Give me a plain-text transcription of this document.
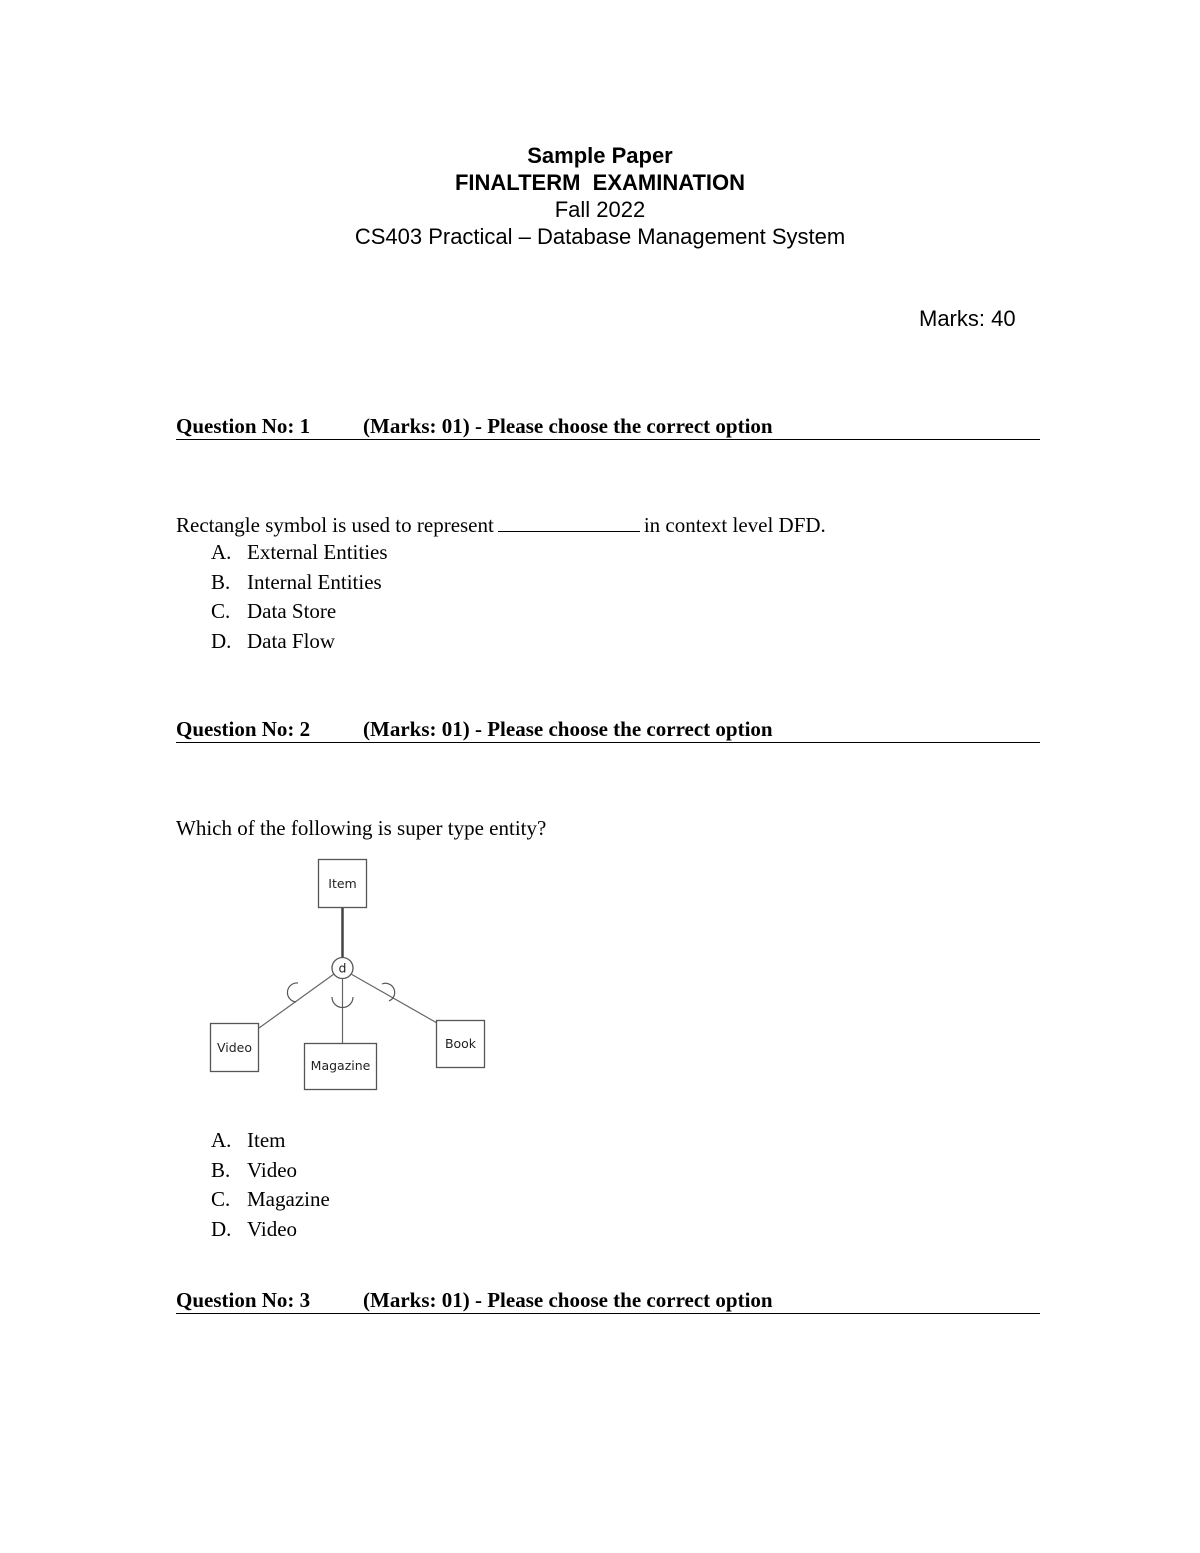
Sample Paper
FINALTERM  EXAMINATION
Fall 2022
CS403 Practical – Database Management System
Marks: 40
Question No: 1	(Marks: 01) - Please choose the correct option
Rectangle symbol is used to represent	in context level DFD.
A. External Entities
B. Internal Entities
C. Data Store
D. Data Flow
Question No: 2	(Marks: 01) - Please choose the correct option
Which of the following is super type entity?
Item
d
Video
Magazine
Book
A. Item
B. Video
C. Magazine
D. Video
Question No: 3	(Marks: 01) - Please choose the correct option
